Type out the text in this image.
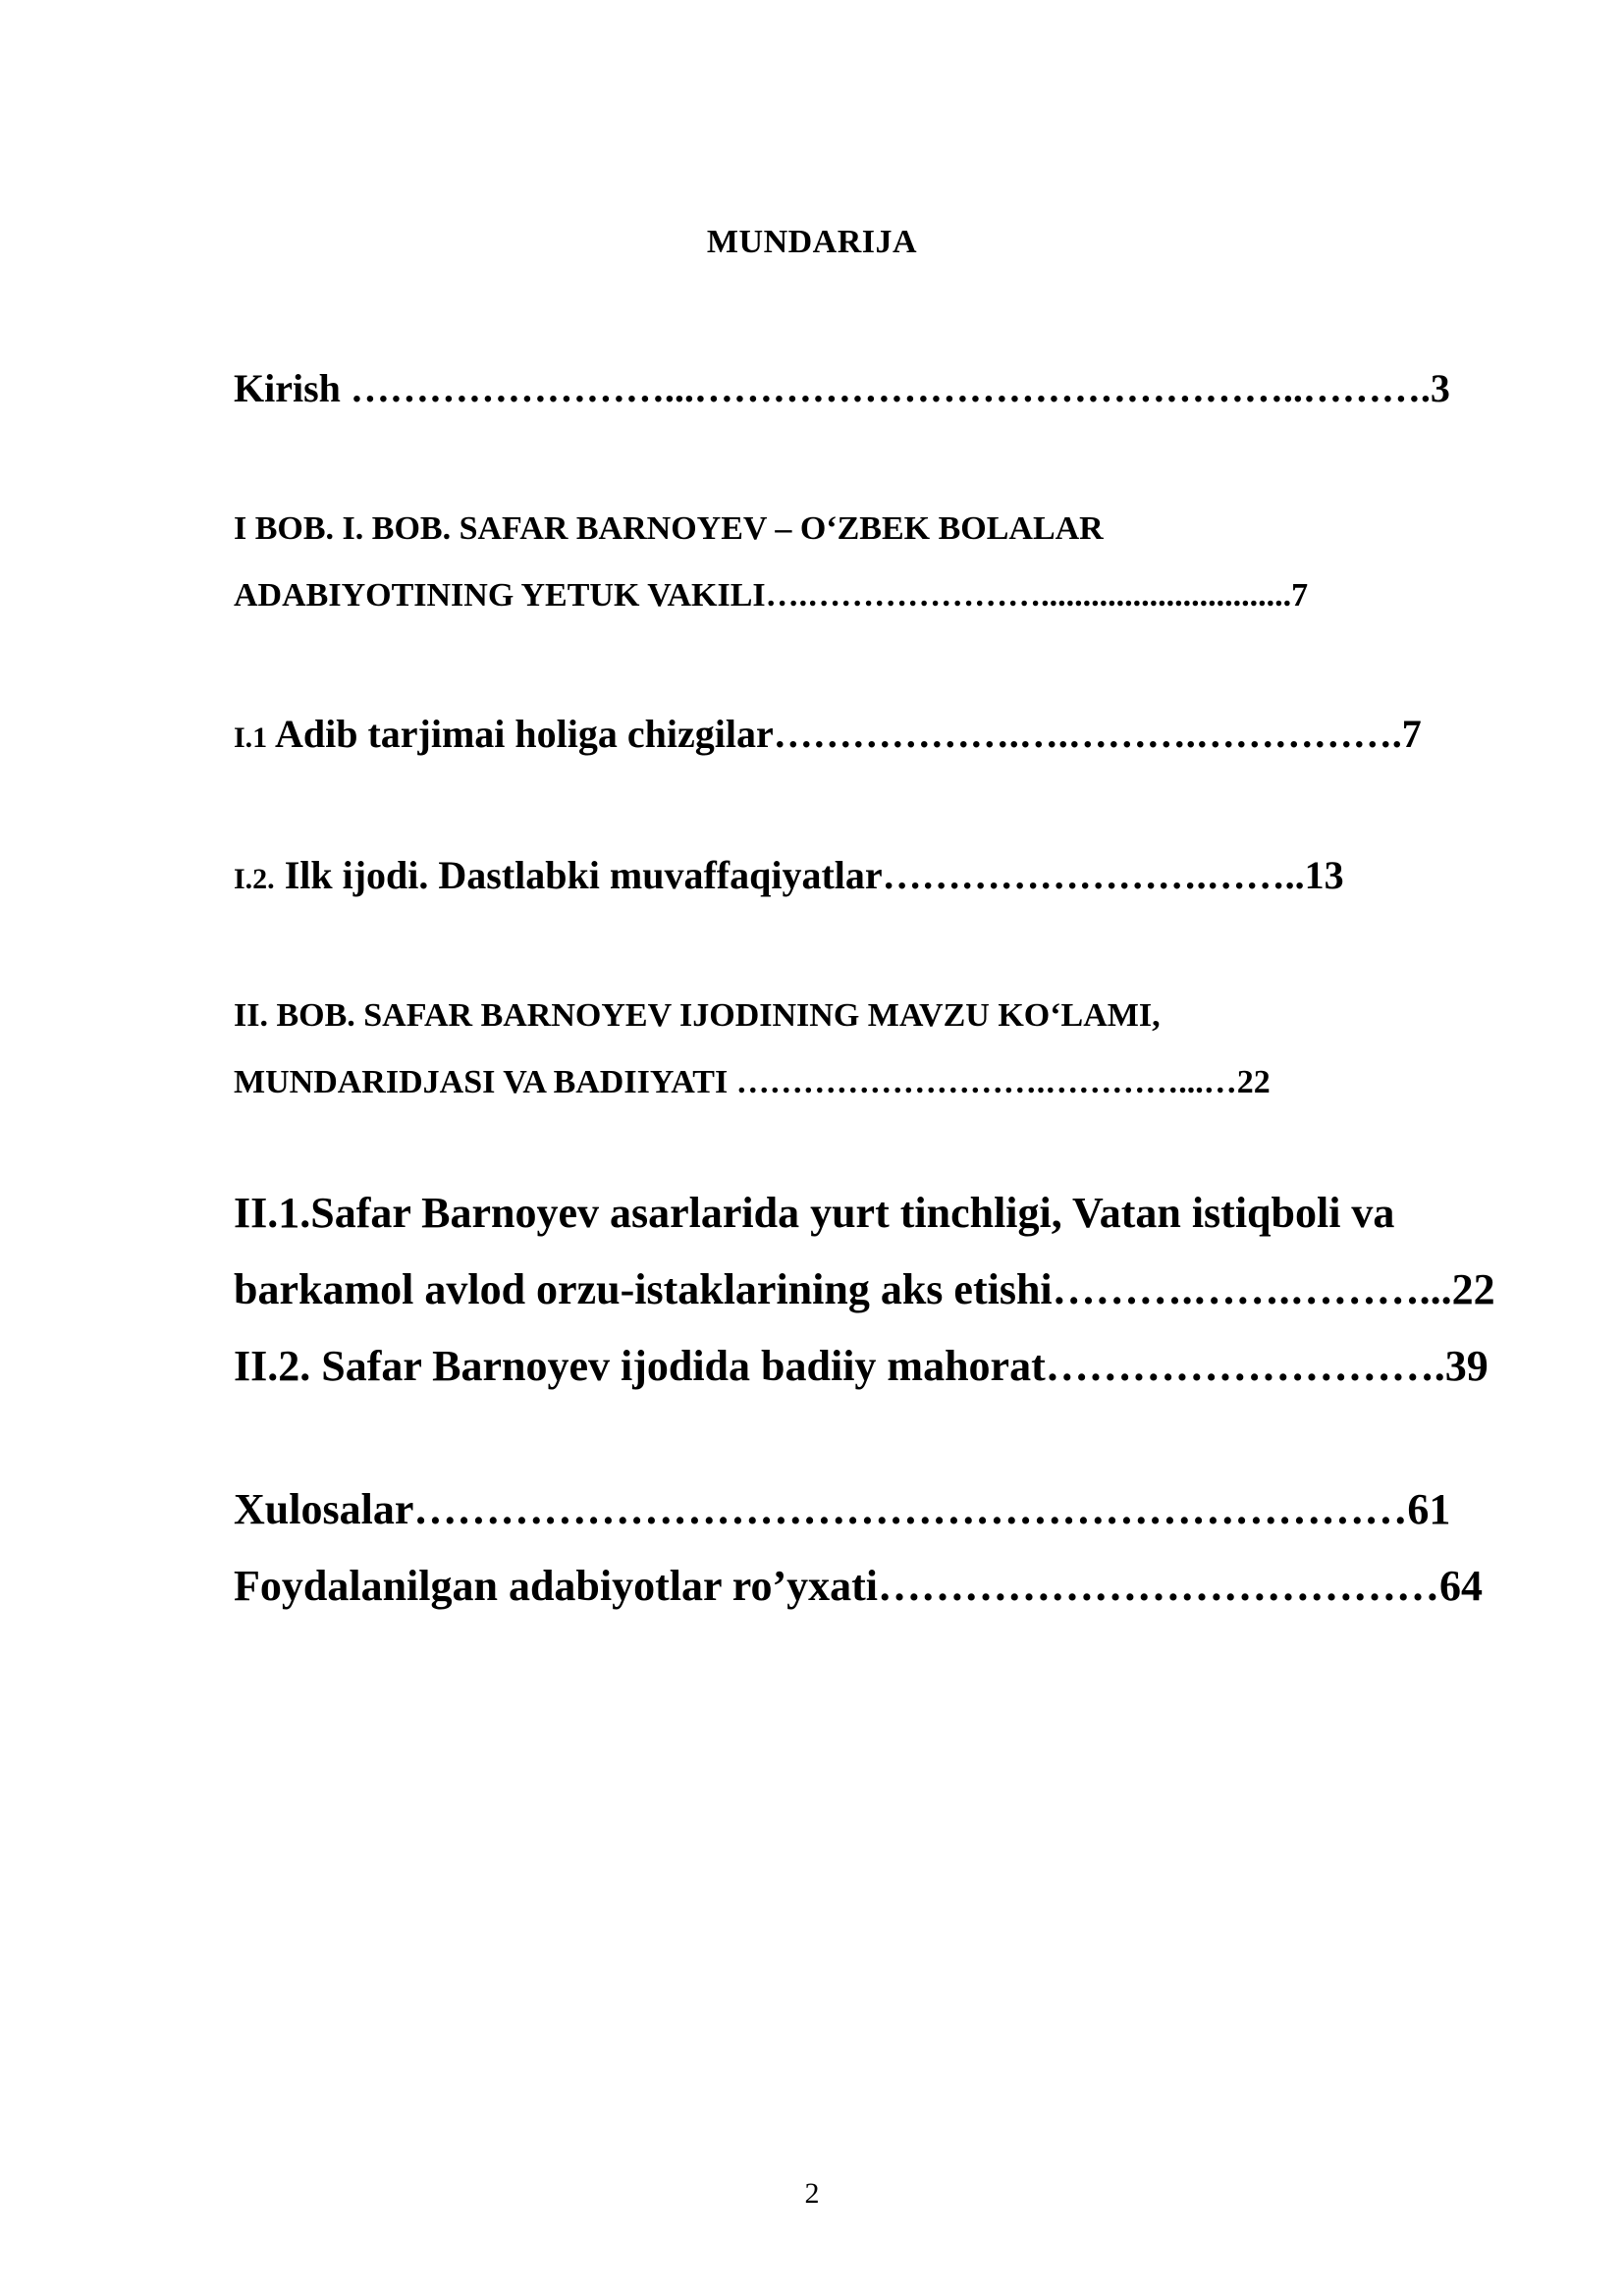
MUNDARIJA
Kirish ……………………...………………………………………..……….3
I BOB. I. BOB. SAFAR BARNOYEV – O‘ZBEK BOLALAR
ADABIYOTINING YETUK VAKILI….…………………..............................7
I.1 Adib tarjimai holiga chizgilar……………….….……….…………….7
I.2. Ilk ijodi. Dastlabki muvaffaqiyatlar…………………….……..13
II. BOB. SAFAR BARNOYEV IJODINING MAVZU KO‘LAMI,
MUNDARIDJASI VA BADIIYATI ……………………….…………...…22
II.1.Safar Barnoyev asarlarida yurt tinchligi, Vatan istiqboli va
barkamol avlod orzu-istaklarining aks etishi……….…….………...22
II.2. Safar Barnoyev ijodida badiiy mahorat……………………….39
Xulosalar……………………………………………………………61
Foydalanilgan adabiyotlar ro’yxati…………………………………64
2
